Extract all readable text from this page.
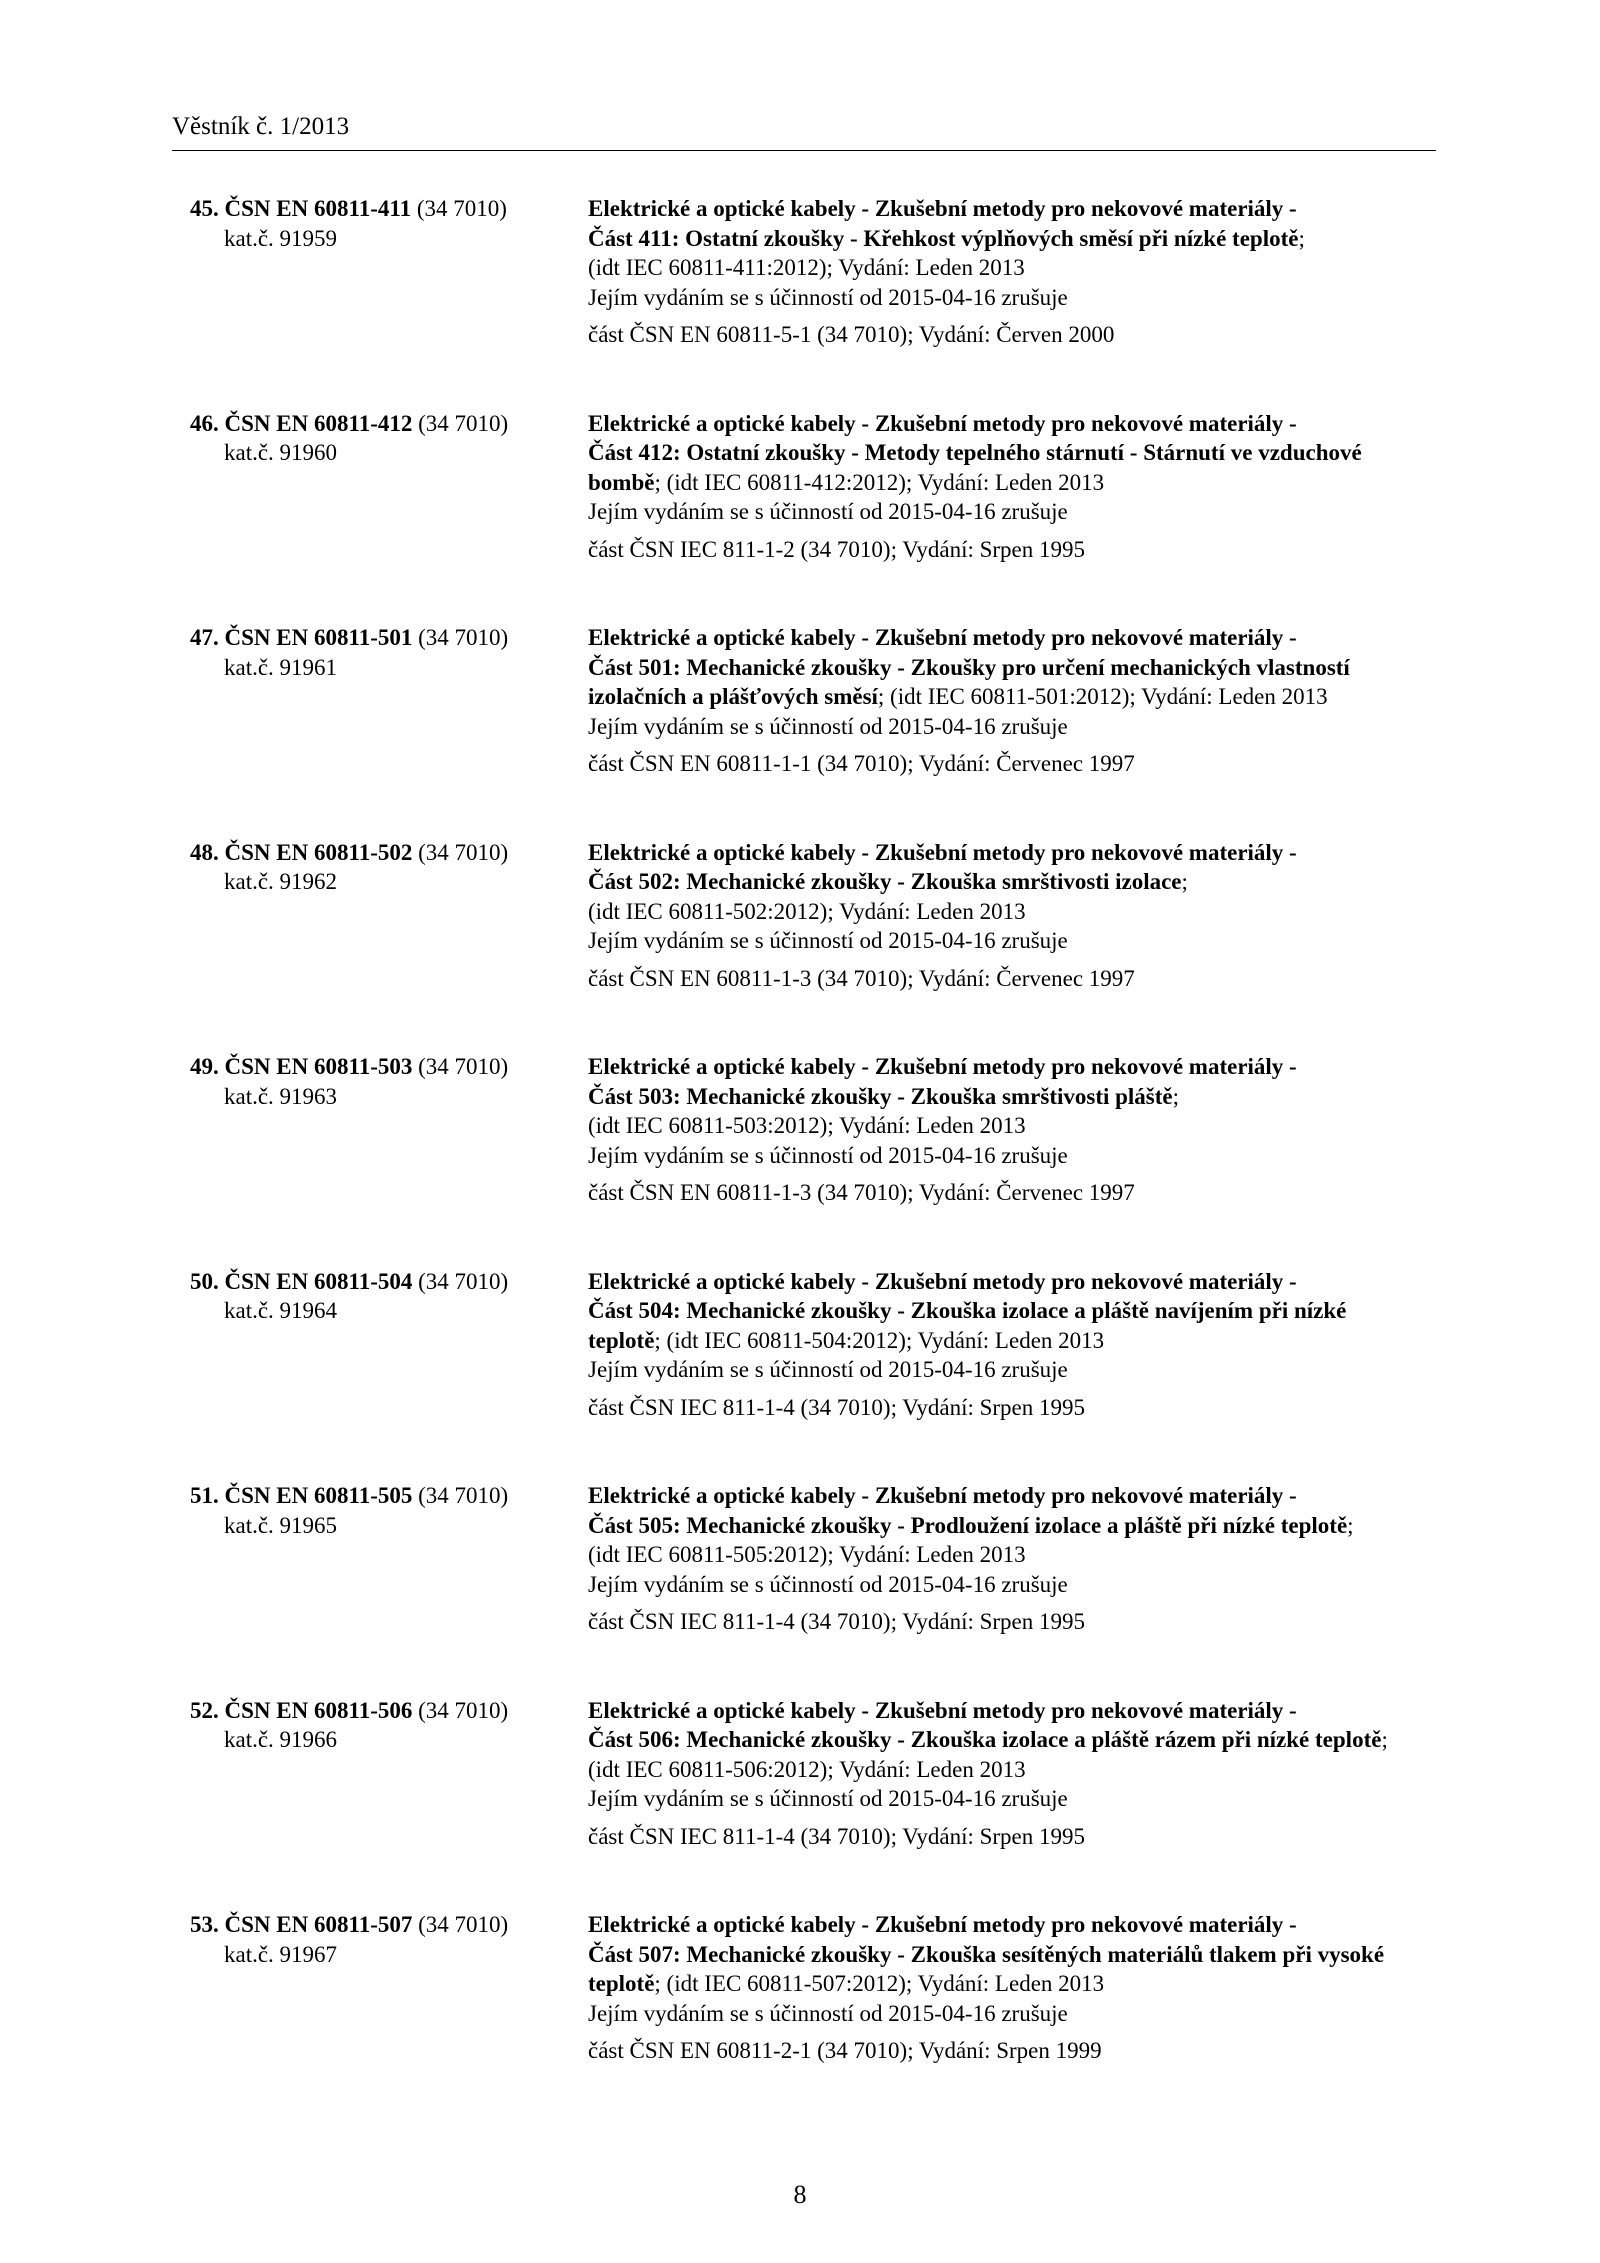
Věstník č. 1/2013
45. ČSN EN 60811-411 (34 7010)
kat.č. 91959
Elektrické a optické kabely - Zkušební metody pro nekovové materiály -
Část 411: Ostatní zkoušky - Křehkost výplňových směsí při nízké teplotě;
(idt IEC 60811-411:2012); Vydání: Leden 2013
Jejím vydáním se s účinností od 2015-04-16 zrušuje
část ČSN EN 60811-5-1 (34 7010); Vydání: Červen 2000
46. ČSN EN 60811-412 (34 7010)
kat.č. 91960
Elektrické a optické kabely - Zkušební metody pro nekovové materiály -
Část 412: Ostatní zkoušky - Metody tepelného stárnutí - Stárnutí ve vzduchové
bombě; (idt IEC 60811-412:2012); Vydání: Leden 2013
Jejím vydáním se s účinností od 2015-04-16 zrušuje
část ČSN IEC 811-1-2 (34 7010); Vydání: Srpen 1995
47. ČSN EN 60811-501 (34 7010)
kat.č. 91961
Elektrické a optické kabely - Zkušební metody pro nekovové materiály -
Část 501: Mechanické zkoušky - Zkoušky pro určení mechanických vlastností
izolačních a plášťových směsí; (idt IEC 60811-501:2012); Vydání: Leden 2013
Jejím vydáním se s účinností od 2015-04-16 zrušuje
část ČSN EN 60811-1-1 (34 7010); Vydání: Červenec 1997
48. ČSN EN 60811-502 (34 7010)
kat.č. 91962
Elektrické a optické kabely - Zkušební metody pro nekovové materiály -
Část 502: Mechanické zkoušky - Zkouška smrštivosti izolace;
(idt IEC 60811-502:2012); Vydání: Leden 2013
Jejím vydáním se s účinností od 2015-04-16 zrušuje
část ČSN EN 60811-1-3 (34 7010); Vydání: Červenec 1997
49. ČSN EN 60811-503 (34 7010)
kat.č. 91963
Elektrické a optické kabely - Zkušební metody pro nekovové materiály -
Část 503: Mechanické zkoušky - Zkouška smrštivosti pláště;
(idt IEC 60811-503:2012); Vydání: Leden 2013
Jejím vydáním se s účinností od 2015-04-16 zrušuje
část ČSN EN 60811-1-3 (34 7010); Vydání: Červenec 1997
50. ČSN EN 60811-504 (34 7010)
kat.č. 91964
Elektrické a optické kabely - Zkušební metody pro nekovové materiály -
Část 504: Mechanické zkoušky - Zkouška izolace a pláště navíjením při nízké
teplotě; (idt IEC 60811-504:2012); Vydání: Leden 2013
Jejím vydáním se s účinností od 2015-04-16 zrušuje
část ČSN IEC 811-1-4 (34 7010); Vydání: Srpen 1995
51. ČSN EN 60811-505 (34 7010)
kat.č. 91965
Elektrické a optické kabely - Zkušební metody pro nekovové materiály -
Část 505: Mechanické zkoušky - Prodloužení izolace a pláště při nízké teplotě;
(idt IEC 60811-505:2012); Vydání: Leden 2013
Jejím vydáním se s účinností od 2015-04-16 zrušuje
část ČSN IEC 811-1-4 (34 7010); Vydání: Srpen 1995
52. ČSN EN 60811-506 (34 7010)
kat.č. 91966
Elektrické a optické kabely - Zkušební metody pro nekovové materiály -
Část 506: Mechanické zkoušky - Zkouška izolace a pláště rázem při nízké teplotě;
(idt IEC 60811-506:2012); Vydání: Leden 2013
Jejím vydáním se s účinností od 2015-04-16 zrušuje
část ČSN IEC 811-1-4 (34 7010); Vydání: Srpen 1995
53. ČSN EN 60811-507 (34 7010)
kat.č. 91967
Elektrické a optické kabely - Zkušební metody pro nekovové materiály -
Část 507: Mechanické zkoušky - Zkouška sesítěných materiálů tlakem při vysoké
teplotě; (idt IEC 60811-507:2012); Vydání: Leden 2013
Jejím vydáním se s účinností od 2015-04-16 zrušuje
část ČSN EN 60811-2-1 (34 7010); Vydání: Srpen 1999
8
